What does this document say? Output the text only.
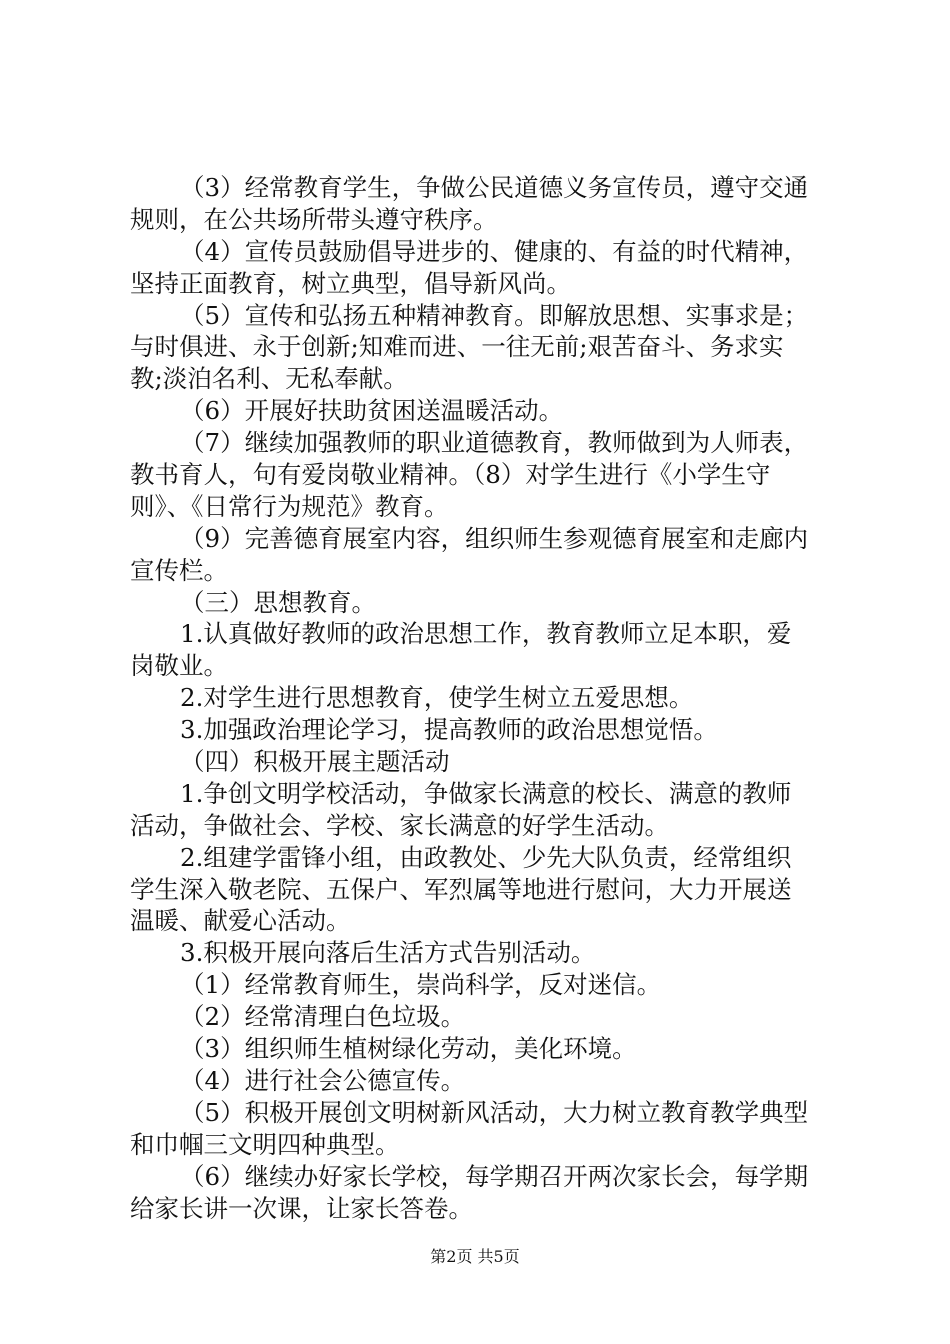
（3）经常教育学生，争做公民道德义务宣传员，遵守交通
规则，在公共场所带头遵守秩序。
（4）宣传员鼓励倡导进步的、健康的、有益的时代精神，
坚持正面教育，树立典型，倡导新风尚。
（5）宣传和弘扬五种精神教育。即解放思想、实事求是；
与时俱进、永于创新;知难而进、一往无前;艰苦奋斗、务求实
教;淡泊名利、无私奉献。
（6）开展好扶助贫困送温暖活动。
（7）继续加强教师的职业道德教育，教师做到为人师表，
教书育人，句有爱岗敬业精神。（8）对学生进行《小学生守
则》、《日常行为规范》教育。
（9）完善德育展室内容，组织师生参观德育展室和走廊内
宣传栏。
（三）思想教育。
1.认真做好教师的政治思想工作，教育教师立足本职，爱
岗敬业。
2.对学生进行思想教育，使学生树立五爱思想。
3.加强政治理论学习，提高教师的政治思想觉悟。
（四）积极开展主题活动
1.争创文明学校活动，争做家长满意的校长、满意的教师
活动，争做社会、学校、家长满意的好学生活动。
2.组建学雷锋小组，由政教处、少先大队负责，经常组织
学生深入敬老院、五保户、军烈属等地进行慰问，大力开展送
温暖、献爱心活动。
3.积极开展向落后生活方式告别活动。
（1）经常教育师生，崇尚科学，反对迷信。
（2）经常清理白色垃圾。
（3）组织师生植树绿化劳动，美化环境。
（4）进行社会公德宣传。
（5）积极开展创文明树新风活动，大力树立教育教学典型
和巾帼三文明四种典型。
（6）继续办好家长学校，每学期召开两次家长会，每学期
给家长讲一次课，让家长答卷。
第2页 共5页
